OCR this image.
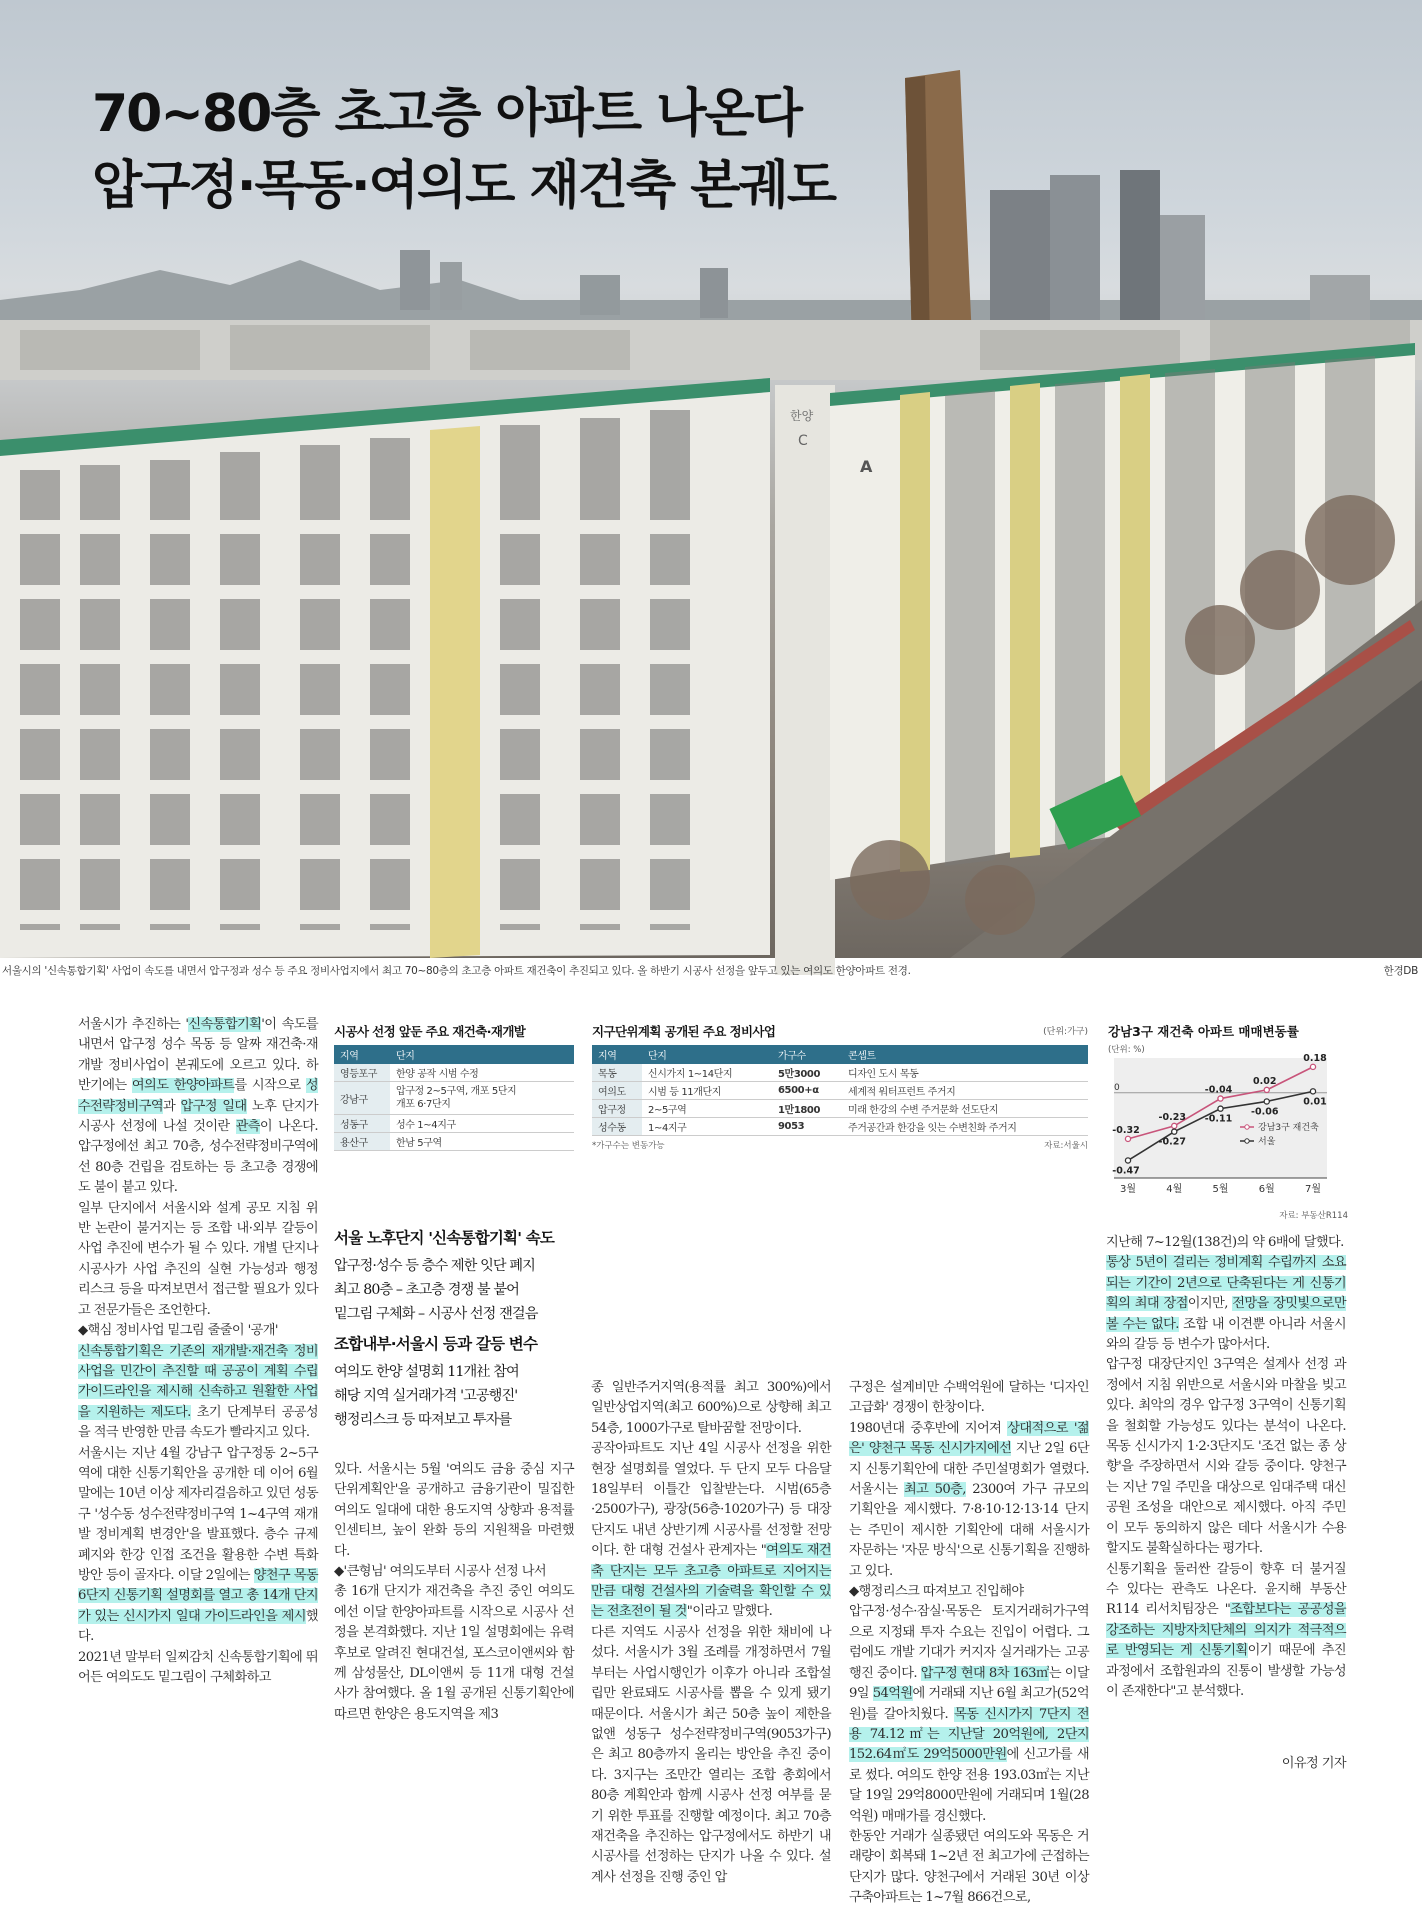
한양
C
A
70~80층 초고층 아파트 나온다
압구정·목동·여의도 재건축 본궤도
서울시의 '신속통합기획' 사업이 속도를 내면서 압구정과 성수 등 주요 정비사업지에서 최고 70~80층의 초고층 아파트 재건축이 추진되고 있다. 올 하반기 시공사 선정을 앞두고 있는 여의도 한양아파트 전경.	한경DB
서울시가 추진하는 '신속통합기획'이 속도를 내면서 압구정 성수 목동 등 알짜 재건축·재개발 정비사업이 본궤도에 오르고 있다. 하반기에는 여의도 한양아파트를 시작으로 성수전략정비구역과 압구정 일대 노후 단지가 시공사 선정에 나설 것이란 관측이 나온다. 압구정에선 최고 70층, 성수전략정비구역에선 80층 건립을 검토하는 등 초고층 경쟁에도 불이 붙고 있다.
일부 단지에서 서울시와 설계 공모 지침 위반 논란이 불거지는 등 조합 내·외부 갈등이 사업 추진에 변수가 될 수 있다. 개별 단지나 시공사가 사업 추진의 실현 가능성과 행정 리스크 등을 따져보면서 접근할 필요가 있다고 전문가들은 조언한다.
◆핵심 정비사업 밑그림 줄줄이 '공개'
신속통합기획은 기존의 재개발·재건축 정비사업을 민간이 추진할 때 공공이 계획 수립 가이드라인을 제시해 신속하고 원활한 사업을 지원하는 제도다. 초기 단계부터 공공성을 적극 반영한 만큼 속도가 빨라지고 있다.
서울시는 지난 4월 강남구 압구정동 2~5구역에 대한 신통기획안을 공개한 데 이어 6월 말에는 10년 이상 제자리걸음하고 있던 성동구 '성수동 성수전략정비구역 1~4구역 재개발 정비계획 변경안'을 발표했다. 층수 규제 폐지와 한강 인접 조건을 활용한 수변 특화 방안 등이 골자다. 이달 2일에는 양천구 목동 6단지 신통기획 설명회를 열고 총 14개 단지가 있는 신시가지 일대 가이드라인을 제시했다.
2021년 말부터 일찌감치 신속통합기획에 뛰어든 여의도도 밑그림이 구체화하고
있다. 서울시는 5월 '여의도 금융 중심 지구단위계획안'을 공개하고 금융기관이 밀집한 여의도 일대에 대한 용도지역 상향과 용적률 인센티브, 높이 완화 등의 지원책을 마련했다.
◆'큰형님' 여의도부터 시공사 선정 나서
총 16개 단지가 재건축을 추진 중인 여의도에선 이달 한양아파트를 시작으로 시공사 선정을 본격화했다. 지난 1일 설명회에는 유력 후보로 알려진 현대건설, 포스코이앤씨와 함께 삼성물산, DL이앤씨 등 11개 대형 건설사가 참여했다. 올 1월 공개된 신통기획안에 따르면 한양은 용도지역을 제3
종 일반주거지역(용적률 최고 300%)에서 일반상업지역(최고 600%)으로 상향해 최고 54층, 1000가구로 탈바꿈할 전망이다.
공작아파트도 지난 4일 시공사 선정을 위한 현장 설명회를 열었다. 두 단지 모두 다음달 18일부터 이틀간 입찰받는다. 시범(65층·2500가구), 광장(56층·1020가구) 등 대장 단지도 내년 상반기께 시공사를 선정할 전망이다. 한 대형 건설사 관계자는 "여의도 재건축 단지는 모두 초고층 아파트로 지어지는 만큼 대형 건설사의 기술력을 확인할 수 있는 전초전이 될 것"이라고 말했다.
다른 지역도 시공사 선정을 위한 채비에 나섰다. 서울시가 3월 조례를 개정하면서 7월부터는 사업시행인가 이후가 아니라 조합설립만 완료돼도 시공사를 뽑을 수 있게 됐기 때문이다. 서울시가 최근 50층 높이 제한을 없앤 성동구 성수전략정비구역(9053가구)은 최고 80층까지 올리는 방안을 추진 중이다. 3지구는 조만간 열리는 조합 총회에서 80층 계획안과 함께 시공사 선정 여부를 묻기 위한 투표를 진행할 예정이다. 최고 70층 재건축을 추진하는 압구정에서도 하반기 내 시공사를 선정하는 단지가 나올 수 있다. 설계사 선정을 진행 중인 압
구정은 설계비만 수백억원에 달하는 '디자인 고급화' 경쟁이 한창이다.
1980년대 중후반에 지어져 상대적으로 '젊은' 양천구 목동 신시가지에선 지난 2일 6단지 신통기획안에 대한 주민설명회가 열렸다. 서울시는 최고 50층, 2300여 가구 규모의 기획안을 제시했다. 7·8·10·12·13·14 단지는 주민이 제시한 기획안에 대해 서울시가 자문하는 '자문 방식'으로 신통기획을 진행하고 있다.
◆행정리스크 따져보고 진입해야
압구정·성수·잠실·목동은 토지거래허가구역으로 지정돼 투자 수요는 진입이 어렵다. 그럼에도 개발 기대가 커지자 실거래가는 고공행진 중이다. 압구정 현대 8차 163㎡는 이달 9일 54억원에 거래돼 지난 6월 최고가(52억원)를 갈아치웠다. 목동 신시가지 7단지 전용 74.12㎡는 지난달 20억원에, 2단지 152.64㎡도 29억5000만원에 신고가를 새로 썼다. 여의도 한양 전용 193.03㎡는 지난달 19일 29억8000만원에 거래되며 1월(28억원) 매매가를 경신했다.
한동안 거래가 실종됐던 여의도와 목동은 거래량이 회복돼 1~2년 전 최고가에 근접하는 단지가 많다. 양천구에서 거래된 30년 이상 구축아파트는 1~7월 866건으로,
지난해 7~12월(138건)의 약 6배에 달했다.
통상 5년이 걸리는 정비계획 수립까지 소요되는 기간이 2년으로 단축된다는 게 신통기획의 최대 장점이지만, 전망을 장밋빛으로만 볼 수는 없다. 조합 내 이견뿐 아니라 서울시와의 갈등 등 변수가 많아서다.
압구정 대장단지인 3구역은 설계사 선정 과정에서 지침 위반으로 서울시와 마찰을 빚고 있다. 최악의 경우 압구정 3구역이 신통기획을 철회할 가능성도 있다는 분석이 나온다. 목동 신시가지 1·2·3단지도 '조건 없는 종 상향'을 주장하면서 시와 갈등 중이다. 양천구는 지난 7일 주민을 대상으로 임대주택 대신 공원 조성을 대안으로 제시했다. 아직 주민이 모두 동의하지 않은 데다 서울시가 수용할지도 불확실하다는 평가다.
신통기획을 둘러싼 갈등이 향후 더 불거질 수 있다는 관측도 나온다. 윤지해 부동산R114 리서치팀장은 "조합보다는 공공성을 강조하는 지방자치단체의 의지가 적극적으로 반영되는 게 신통기획이기 때문에 추진 과정에서 조합원과의 진통이 발생할 가능성이 존재한다"고 분석했다.
이유정 기자
서울 노후단지 '신속통합기획' 속도
압구정·성수 등 층수 제한 잇단 폐지
최고 80층 – 초고층 경쟁 불 붙어
밑그림 구체화 – 시공사 선정 잰걸음
조합내부·서울시 등과 갈등 변수
여의도 한양 설명회 11개社 참여
해당 지역 실거래가격 '고공행진'
행정리스크 등 따져보고 투자를
시공사 선정 앞둔 주요 재건축·재개발
지역	단지
영등포구	한양 공작 시범 수정
강남구	압구정 2~5구역, 개포 5단지
개포 6·7단지
성동구	성수 1~4지구
용산구	한남 5구역
지구단위계획 공개된 주요 정비사업	(단위:가구)
지역	단지	가구수	콘셉트
목동	신시가지 1~14단지	5만3000	디자인 도시 목동
여의도	시범 등 11개단지	6500+α	세계적 워터프런트 주거지
압구정	2~5구역	1만1800	미래 한강의 수변 주거문화 선도단지
성수동	1~4지구	9053	주거공간과 한강을 잇는 수변친화 주거지
*가구수는 변동가능	자료:서울시
강남3구 재건축 아파트 매매변동률
(단위: %)
0
3월	4월	5월	6월	7월
-0.32
-0.23
-0.04
0.02
0.18
-0.47
-0.27
-0.11
-0.06
0.01
강남3구 재건축
서울
자료: 부동산R114
